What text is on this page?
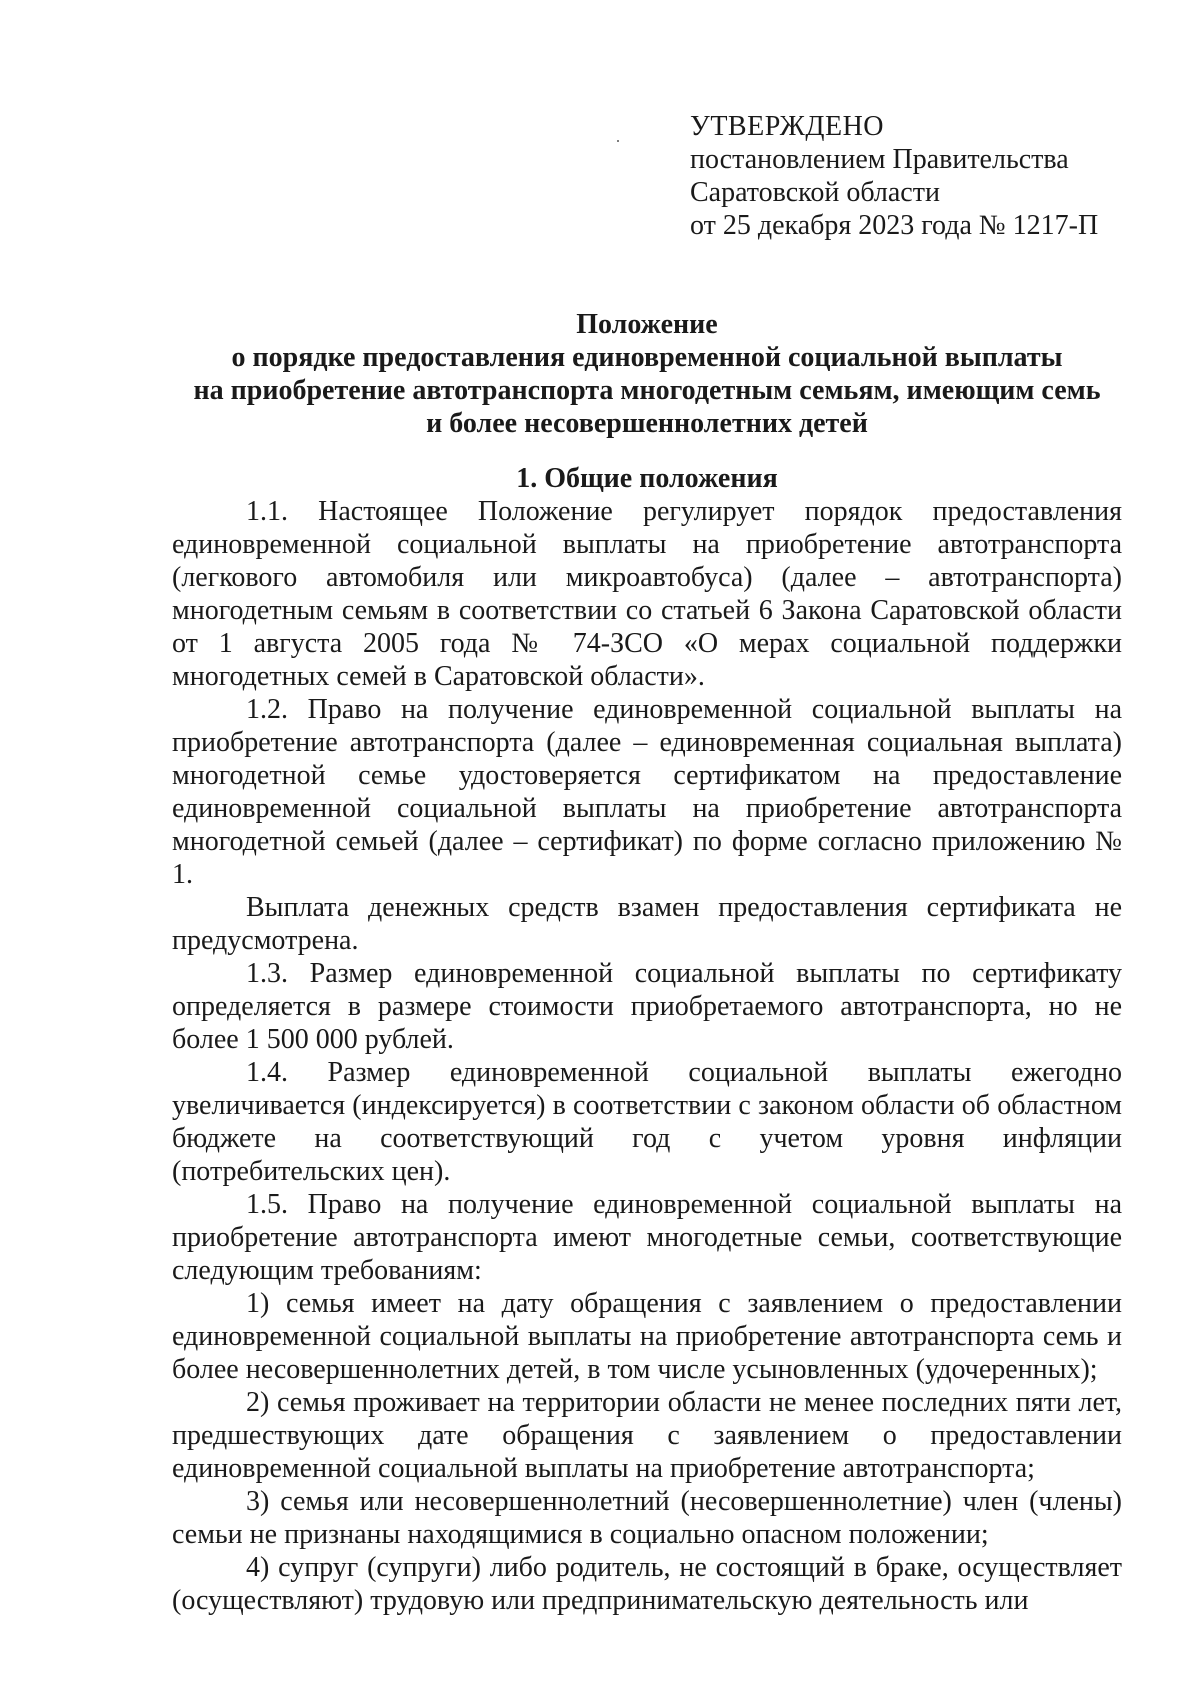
УТВЕРЖДЕНО
постановлением Правительства
Саратовской области
от 25 декабря 2023 года № 1217-П
Положение
о порядке предоставления единовременной социальной выплаты
на приобретение автотранспорта многодетным семьям, имеющим семь
и более несовершеннолетних детей
1. Общие положения

1.1. Настоящее Положение регулирует порядок предоставления единовременной социальной выплаты на приобретение автотранспорта (легкового автомобиля или микроавтобуса) (далее – автотранспорта) многодетным семьям в соответствии со статьей 6 Закона Саратовской области от 1 августа 2005 года № 74-ЗСО «О мерах социальной поддержки многодетных семей в Саратовской области».

1.2. Право на получение единовременной социальной выплаты на приобретение автотранспорта (далее – единовременная социальная выплата) многодетной семье удостоверяется сертификатом на предоставление единовременной социальной выплаты на приобретение автотранспорта многодетной семьей (далее – сертификат) по форме согласно приложению № 1.

Выплата денежных средств взамен предоставления сертификата не предусмотрена.

1.3. Размер единовременной социальной выплаты по сертификату определяется в размере стоимости приобретаемого автотранспорта, но не более 1 500 000 рублей.

1.4. Размер единовременной социальной выплаты ежегодно увеличивается (индексируется) в соответствии с законом области об областном бюджете на соответствующий год с учетом уровня инфляции (потребительских цен).

1.5. Право на получение единовременной социальной выплаты на приобретение автотранспорта имеют многодетные семьи, соответствующие следующим требованиям:

1) семья имеет на дату обращения с заявлением о предоставлении единовременной социальной выплаты на приобретение автотранспорта семь и более несовершеннолетних детей, в том числе усыновленных (удочеренных);

2) семья проживает на территории области не менее последних пяти лет, предшествующих дате обращения с заявлением о предоставлении единовременной социальной выплаты на приобретение автотранспорта;

3) семья или несовершеннолетний (несовершеннолетние) член (члены) семьи не признаны находящимися в социально опасном положении;

4) супруг (супруги) либо родитель, не состоящий в браке, осуществляет (осуществляют) трудовую или предпринимательскую деятельность или
